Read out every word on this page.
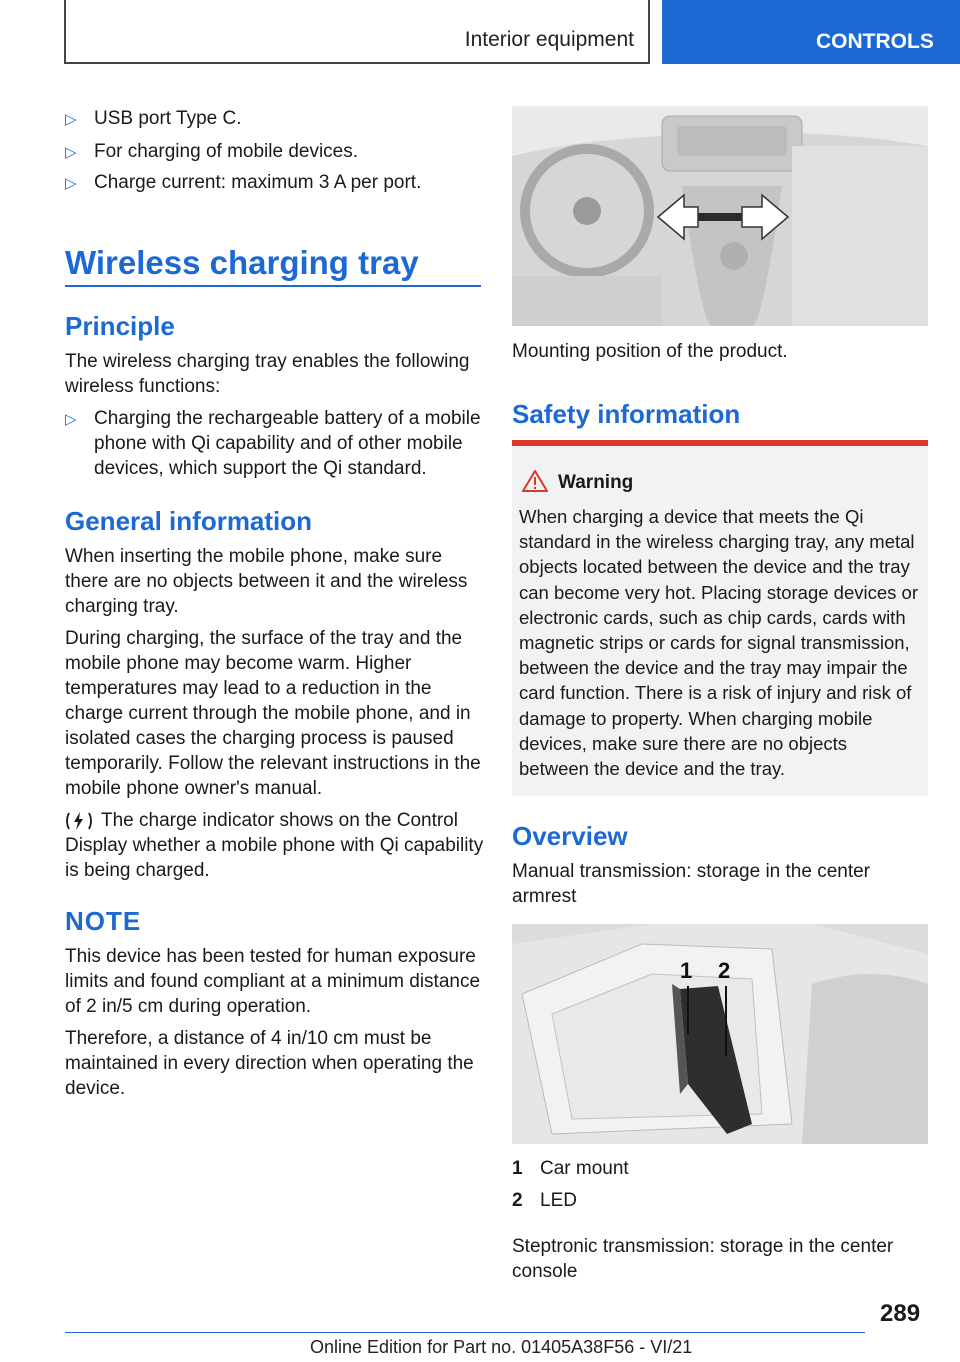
Interior equipment	CONTROLS
▷ USB port Type C.
▷ For charging of mobile devices.
▷ Charge current: maximum 3 A per port.
Wireless charging tray
Principle
The wireless charging tray enables the following wireless functions:
▷ Charging the rechargeable battery of a mobile phone with Qi capability and of other mobile devices, which support the Qi standard.
General information
When inserting the mobile phone, make sure there are no objects between it and the wireless charging tray.
During charging, the surface of the tray and the mobile phone may become warm. Higher temperatures may lead to a reduction in the charge current through the mobile phone, and in isolated cases the charging process is paused temporarily. Follow the relevant instructions in the mobile phone owner's manual.
The charge indicator shows on the Control Display whether a mobile phone with Qi capability is being charged.
NOTE
This device has been tested for human exposure limits and found compliant at a minimum distance of 2 in/5 cm during operation.
Therefore, a distance of 4 in/10 cm must be maintained in every direction when operating the device.
Mounting position of the product.
Safety information
Warning
When charging a device that meets the Qi standard in the wireless charging tray, any metal objects located between the device and the tray can become very hot. Placing storage devices or electronic cards, such as chip cards, cards with magnetic strips or cards for signal transmission, between the device and the tray may impair the card function. There is a risk of injury and risk of damage to property. When charging mobile devices, make sure there are no objects between the device and the tray.
Overview
Manual transmission: storage in the center armrest
1 2
1 Car mount
2 LED
Steptronic transmission: storage in the center console
289
Online Edition for Part no. 01405A38F56 - VI/21
